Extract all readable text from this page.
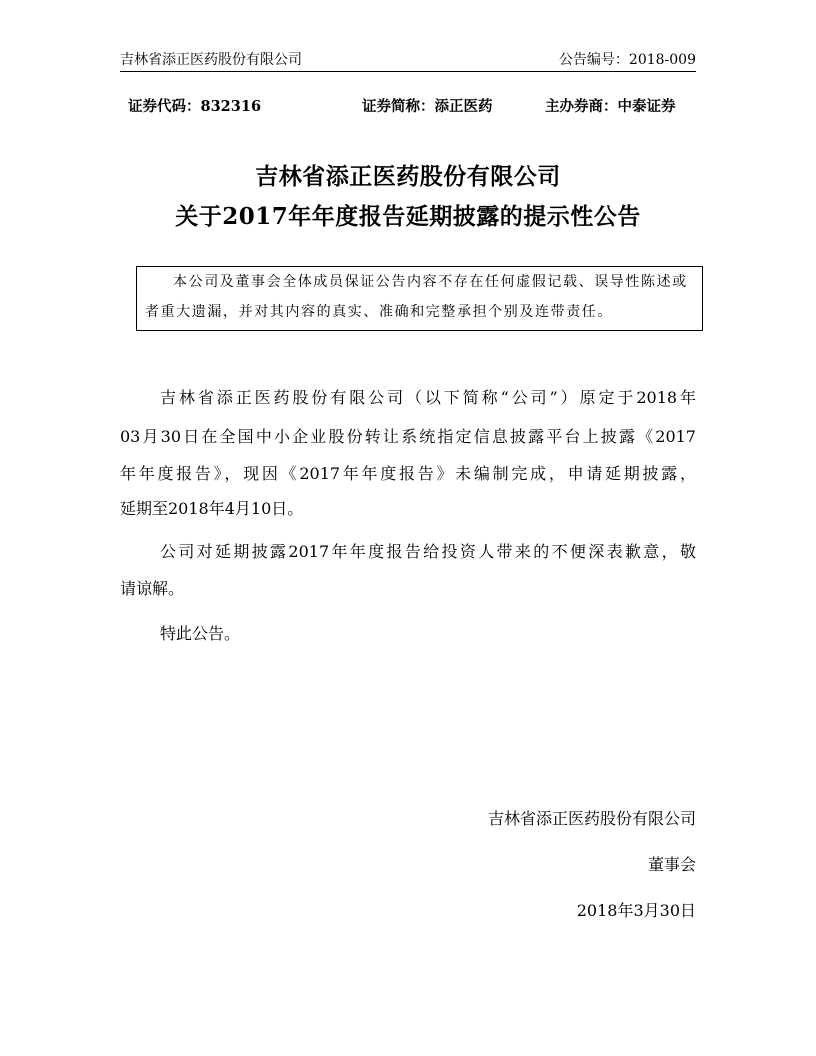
吉林省添正医药股份有限公司	公告编号：2018-009
证券代码：832316	证券简称：添正医药	主办券商：中泰证券
吉林省添正医药股份有限公司
关于2017年年度报告延期披露的提示性公告
本公司及董事会全体成员保证公告内容不存在任何虚假记载、误导性陈述或
者重大遗漏，并对其内容的真实、准确和完整承担个别及连带责任。
吉林省添正医药股份有限公司（以下简称“公司”）原定于2018年
03月30日在全国中小企业股份转让系统指定信息披露平台上披露《2017
年年度报告》，现因《2017年年度报告》未编制完成，申请延期披露，
延期至2018年4月10日。
公司对延期披露2017年年度报告给投资人带来的不便深表歉意，敬
请谅解。
特此公告。
吉林省添正医药股份有限公司
董事会
2018年3月30日
